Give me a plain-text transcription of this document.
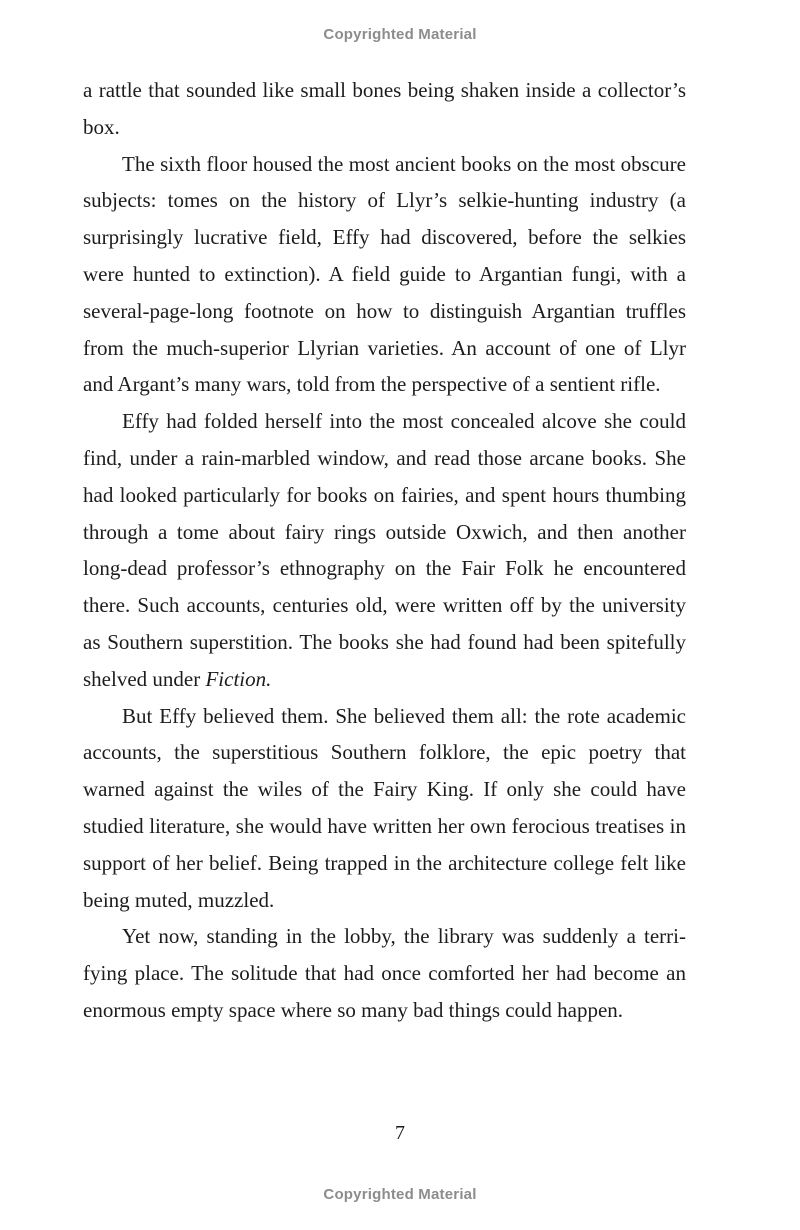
Copyrighted Material

a rattle that sounded like small bones being shaken inside a collector’s box.

The sixth floor housed the most ancient books on the most obscure subjects: tomes on the history of Llyr’s selkie-hunting industry (a surprisingly lucrative field, Effy had discovered, before the selkies were hunted to extinction). A field guide to Argantian fungi, with a several-page-long footnote on how to distinguish Argantian truffles from the much-superior Llyrian varieties. An account of one of Llyr and Argant’s many wars, told from the perspective of a sentient rifle.

Effy had folded herself into the most concealed alcove she could find, under a rain-marbled window, and read those arcane books. She had looked particularly for books on fairies, and spent hours thumbing through a tome about fairy rings outside Oxwich, and then another long-dead professor’s ethnography on the Fair Folk he encountered there. Such accounts, centuries old, were written off by the university as Southern superstition. The books she had found had been spitefully shelved under Fiction.

But Effy believed them. She believed them all: the rote academic accounts, the superstitious Southern folklore, the epic poetry that warned against the wiles of the Fairy King. If only she could have studied literature, she would have written her own ferocious treatises in support of her belief. Being trapped in the architecture college felt like being muted, muzzled.

Yet now, standing in the lobby, the library was suddenly a terrifying place. The solitude that had once comforted her had become an enormous empty space where so many bad things could happen.

7
Copyrighted Material
